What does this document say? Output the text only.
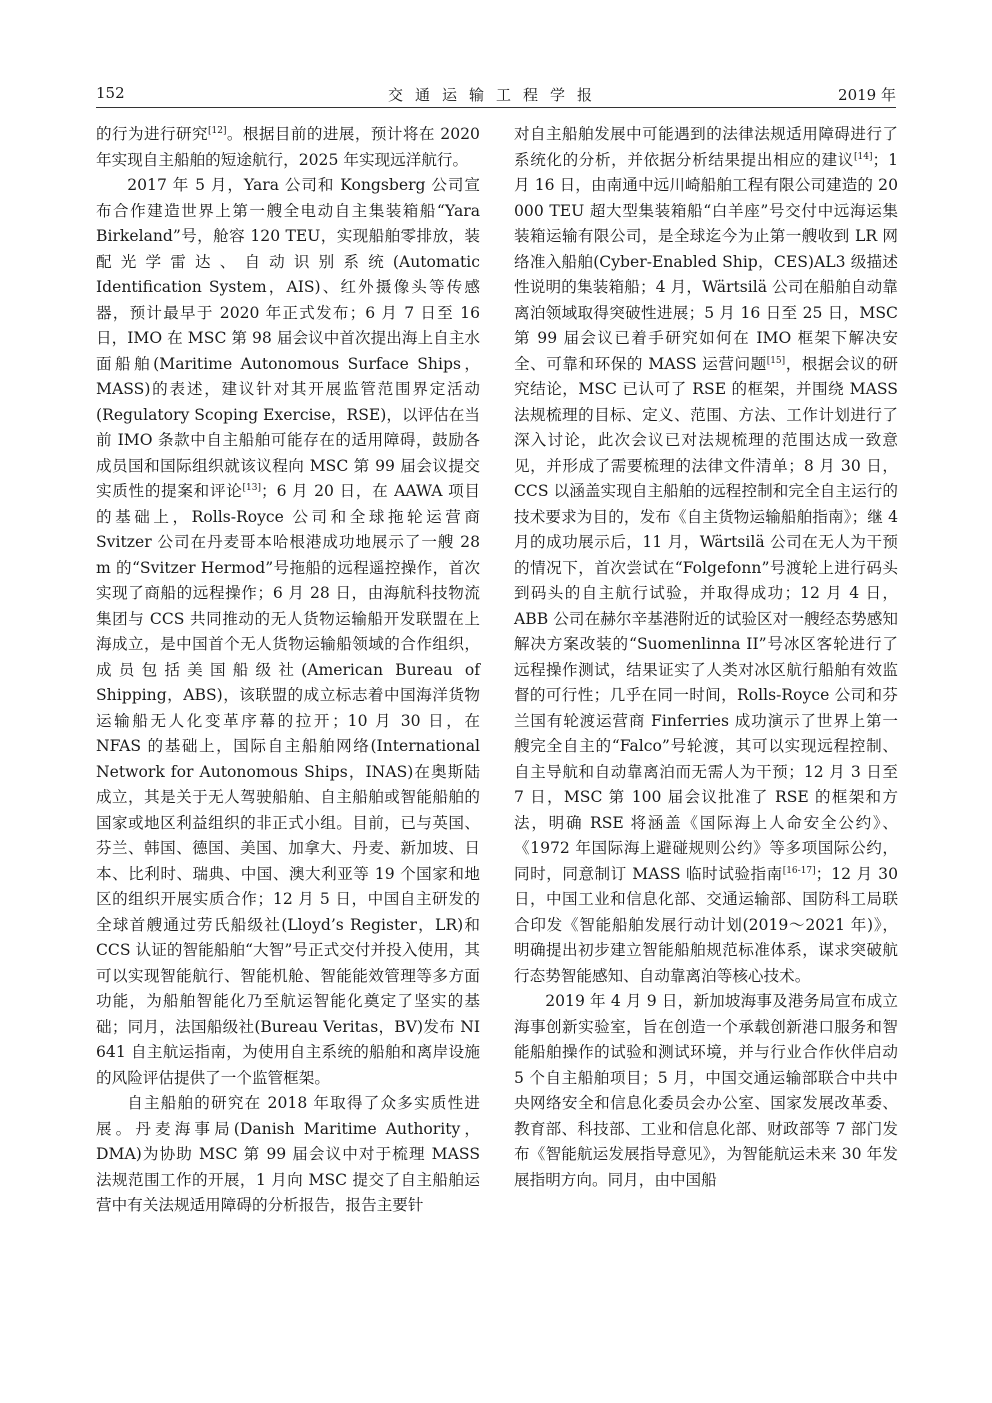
152	交通运输工程学报	2019 年

的行为进行研究[12]。根据目前的进展，预计将在 2020 年实现自主船舶的短途航行，2025 年实现远洋航行。

2017 年 5 月，Yara 公司和 Kongsberg 公司宣布合作建造世界上第一艘全电动自主集装箱船“Yara Birkeland”号，舱容 120 TEU，实现船舶零排放，装配光学雷达、自动识别系统(Automatic Identification System，AIS)、红外摄像头等传感器，预计最早于 2020 年正式发布；6 月 7 日至 16 日，IMO 在 MSC 第 98 届会议中首次提出海上自主水面船舶(Maritime Autonomous Surface Ships，MASS)的表述，建议针对其开展监管范围界定活动(Regulatory Scoping Exercise，RSE)，以评估在当前 IMO 条款中自主船舶可能存在的适用障碍，鼓励各成员国和国际组织就该议程向 MSC 第 99 届会议提交实质性的提案和评论[13]；6 月 20 日，在 AAWA 项目的基础上，Rolls-Royce 公司和全球拖轮运营商 Svitzer 公司在丹麦哥本哈根港成功地展示了一艘 28 m 的“Svitzer Hermod”号拖船的远程遥控操作，首次实现了商船的远程操作；6 月 28 日，由海航科技物流集团与 CCS 共同推动的无人货物运输船开发联盟在上海成立，是中国首个无人货物运输船领域的合作组织，成员包括美国船级社(American Bureau of Shipping，ABS)，该联盟的成立标志着中国海洋货物运输船无人化变革序幕的拉开；10 月 30 日，在 NFAS 的基础上，国际自主船舶网络(International Network for Autonomous Ships，INAS)在奥斯陆成立，其是关于无人驾驶船舶、自主船舶或智能船舶的国家或地区利益组织的非正式小组。目前，已与英国、芬兰、韩国、德国、美国、加拿大、丹麦、新加坡、日本、比利时、瑞典、中国、澳大利亚等 19 个国家和地区的组织开展实质合作；12 月 5 日，中国自主研发的全球首艘通过劳氏船级社(Lloyd’s Register，LR)和 CCS 认证的智能船舶“大智”号正式交付并投入使用，其可以实现智能航行、智能机舱、智能能效管理等多方面功能，为船舶智能化乃至航运智能化奠定了坚实的基础；同月，法国船级社(Bureau Veritas，BV)发布 NI 641 自主航运指南，为使用自主系统的船舶和离岸设施的风险评估提供了一个监管框架。

自主船舶的研究在 2018 年取得了众多实质性进展。丹麦海事局(Danish Maritime Authority，DMA)为协助 MSC 第 99 届会议中对于梳理 MASS 法规范围工作的开展，1 月向 MSC 提交了自主船舶运营中有关法规适用障碍的分析报告，报告主要针

对自主船舶发展中可能遇到的法律法规适用障碍进行了系统化的分析，并依据分析结果提出相应的建议[14]；1 月 16 日，由南通中远川崎船舶工程有限公司建造的 20 000 TEU 超大型集装箱船“白羊座”号交付中远海运集装箱运输有限公司，是全球迄今为止第一艘收到 LR 网络准入船舶(Cyber-Enabled Ship，CES)AL3 级描述性说明的集装箱船；4 月，Wärtsilä 公司在船舶自动靠离泊领域取得突破性进展；5 月 16 日至 25 日，MSC 第 99 届会议已着手研究如何在 IMO 框架下解决安全、可靠和环保的 MASS 运营问题[15]，根据会议的研究结论，MSC 已认可了 RSE 的框架，并围绕 MASS 法规梳理的目标、定义、范围、方法、工作计划进行了深入讨论，此次会议已对法规梳理的范围达成一致意见，并形成了需要梳理的法律文件清单；8 月 30 日，CCS 以涵盖实现自主船舶的远程控制和完全自主运行的技术要求为目的，发布《自主货物运输船舶指南》；继 4 月的成功展示后，11 月，Wärtsilä 公司在无人为干预的情况下，首次尝试在“Folgefonn”号渡轮上进行码头到码头的自主航行试验，并取得成功；12 月 4 日，ABB 公司在赫尔辛基港附近的试验区对一艘经态势感知解决方案改装的“Suomenlinna II”号冰区客轮进行了远程操作测试，结果证实了人类对冰区航行船舶有效监督的可行性；几乎在同一时间，Rolls-Royce 公司和芬兰国有轮渡运营商 Finferries 成功演示了世界上第一艘完全自主的“Falco”号轮渡，其可以实现远程控制、自主导航和自动靠离泊而无需人为干预；12 月 3 日至 7 日，MSC 第 100 届会议批准了 RSE 的框架和方法，明确 RSE 将涵盖《国际海上人命安全公约》、《1972 年国际海上避碰规则公约》等多项国际公约，同时，同意制订 MASS 临时试验指南[16-17]；12 月 30 日，中国工业和信息化部、交通运输部、国防科工局联合印发《智能船舶发展行动计划(2019～2021 年)》，明确提出初步建立智能船舶规范标准体系，谋求突破航行态势智能感知、自动靠离泊等核心技术。

2019 年 4 月 9 日，新加坡海事及港务局宣布成立海事创新实验室，旨在创造一个承载创新港口服务和智能船舶操作的试验和测试环境，并与行业合作伙伴启动 5 个自主船舶项目；5 月，中国交通运输部联合中共中央网络安全和信息化委员会办公室、国家发展改革委、教育部、科技部、工业和信息化部、财政部等 7 部门发布《智能航运发展指导意见》，为智能航运未来 30 年发展指明方向。同月，由中国船
